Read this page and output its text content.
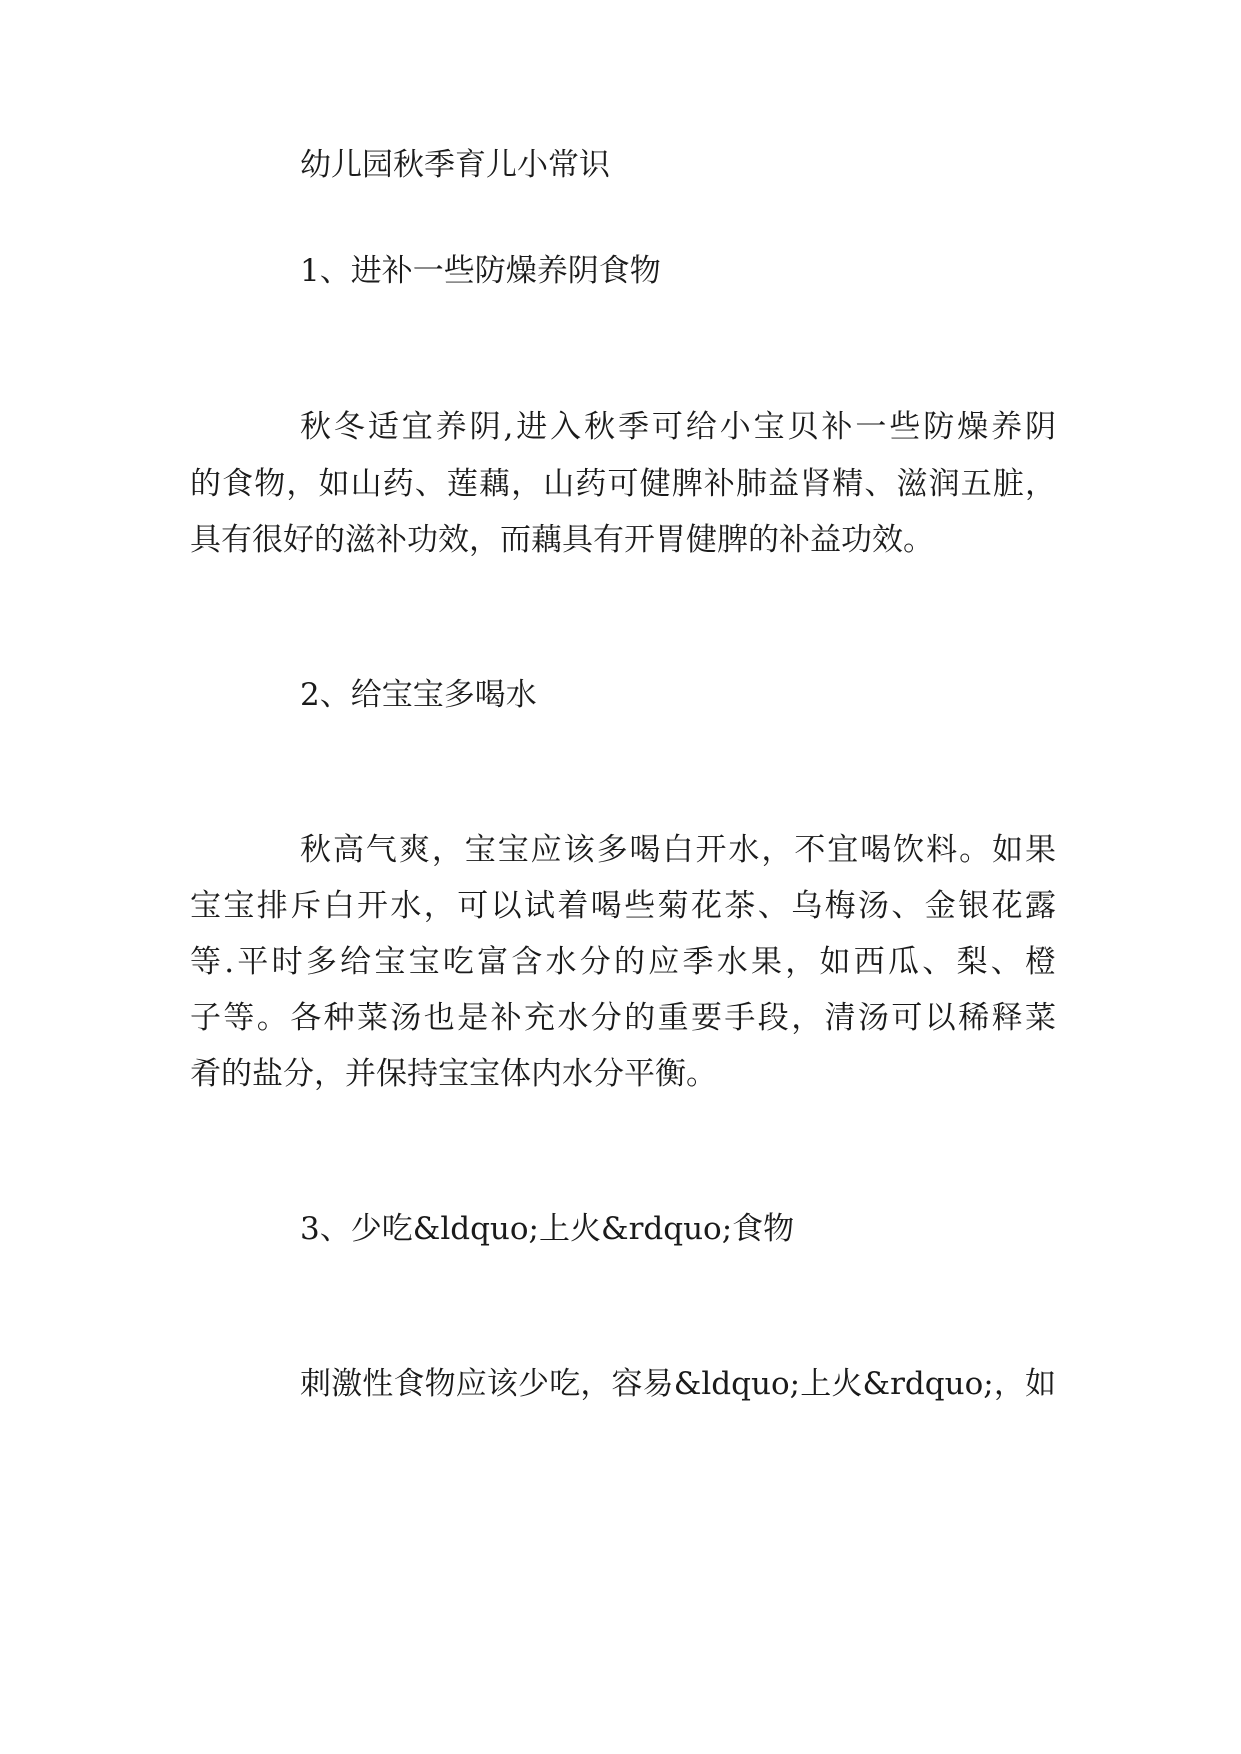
幼儿园秋季育儿小常识

1、进补一些防燥养阴食物

秋冬适宜养阴,进入秋季可给小宝贝补一些防燥养阴

的食物，如山药、莲藕，山药可健脾补肺益肾精、滋润五脏，

具有很好的滋补功效，而藕具有开胃健脾的补益功效。

2、给宝宝多喝水

秋高气爽，宝宝应该多喝白开水，不宜喝饮料。如果

宝宝排斥白开水，可以试着喝些菊花茶、乌梅汤、金银花露

等.平时多给宝宝吃富含水分的应季水果，如西瓜、梨、橙

子等。各种菜汤也是补充水分的重要手段，清汤可以稀释菜

肴的盐分，并保持宝宝体内水分平衡。

3、少吃&ldquo;上火&rdquo;食物

刺激性食物应该少吃，容易&ldquo;上火&rdquo;，如
